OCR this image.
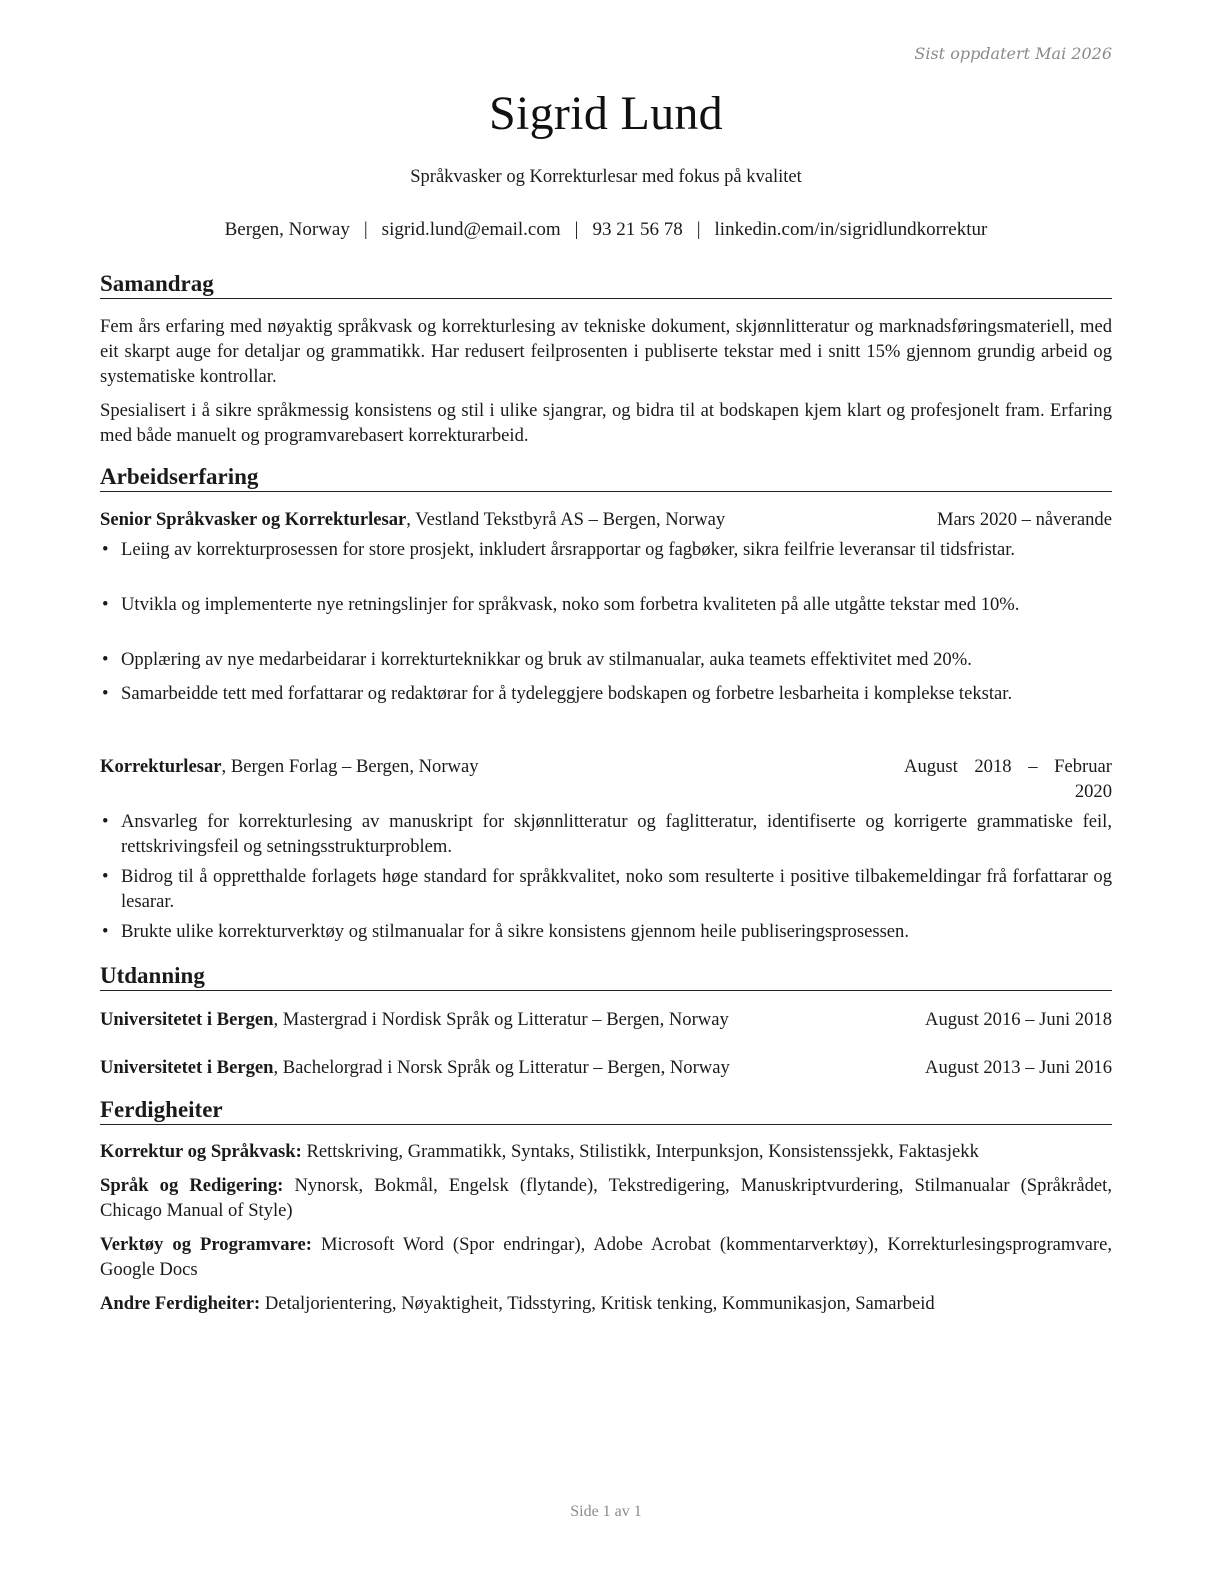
Sist oppdatert Mai 2026
Sigrid Lund
Språkvasker og Korrekturlesar med fokus på kvalitet
Bergen, Norway | sigrid.lund@email.com | 93 21 56 78 | linkedin.com/in/sigridlundkorrektur
Samandrag
Fem års erfaring med nøyaktig språkvask og korrekturlesing av tekniske dokument, skjønnlitteratur og marknadsføringsmateriell, med eit skarpt auge for detaljar og grammatikk. Har redusert feilprosenten i publiserte tekstar med i snitt 15% gjennom grundig arbeid og systematiske kontrollar.
Spesialisert i å sikre språkmessig konsistens og stil i ulike sjangrar, og bidra til at bodskapen kjem klart og profesjonelt fram. Erfaring med både manuelt og programvarebasert korrekturarbeid.
Arbeidserfaring
Senior Språkvasker og Korrekturlesar, Vestland Tekstbyrå AS – Bergen, Norway	Mars 2020 – nåverande
• Leiing av korrekturprosessen for store prosjekt, inkludert årsrapportar og fagbøker, sikra feilfrie leveransar til tidsfristar.
• Utvikla og implementerte nye retningslinjer for språkvask, noko som forbetra kvaliteten på alle utgåtte tekstar med 10%.
• Opplæring av nye medarbeidarar i korrekturteknikkar og bruk av stilmanualar, auka teamets effektivitet med 20%.
• Samarbeidde tett med forfattarar og redaktørar for å tydeleggjere bodskapen og forbetre lesbarheita i komplekse tekstar.
Korrekturlesar, Bergen Forlag – Bergen, Norway	August 2018 – Februar
2020
• Ansvarleg for korrekturlesing av manuskript for skjønnlitteratur og faglitteratur, identifiserte og korrigerte grammatiske feil, rettskrivingsfeil og setningsstrukturproblem.
• Bidrog til å oppretthalde forlagets høge standard for språkkvalitet, noko som resulterte i positive tilbakemeldingar frå forfattarar og lesarar.
• Brukte ulike korrekturverktøy og stilmanualar for å sikre konsistens gjennom heile publiseringsprosessen.
Utdanning
Universitetet i Bergen, Mastergrad i Nordisk Språk og Litteratur – Bergen, Norway	August 2016 – Juni 2018
Universitetet i Bergen, Bachelorgrad i Norsk Språk og Litteratur – Bergen, Norway	August 2013 – Juni 2016
Ferdigheiter
Korrektur og Språkvask: Rettskriving, Grammatikk, Syntaks, Stilistikk, Interpunksjon, Konsistenssjekk, Faktasjekk
Språk og Redigering: Nynorsk, Bokmål, Engelsk (flytande), Tekstredigering, Manuskriptvurdering, Stilmanualar (Språkrådet, Chicago Manual of Style)
Verktøy og Programvare: Microsoft Word (Spor endringar), Adobe Acrobat (kommentarverktøy), Korrekturlesingsprogramvare, Google Docs
Andre Ferdigheiter: Detaljorientering, Nøyaktigheit, Tidsstyring, Kritisk tenking, Kommunikasjon, Samarbeid
Side 1 av 1
